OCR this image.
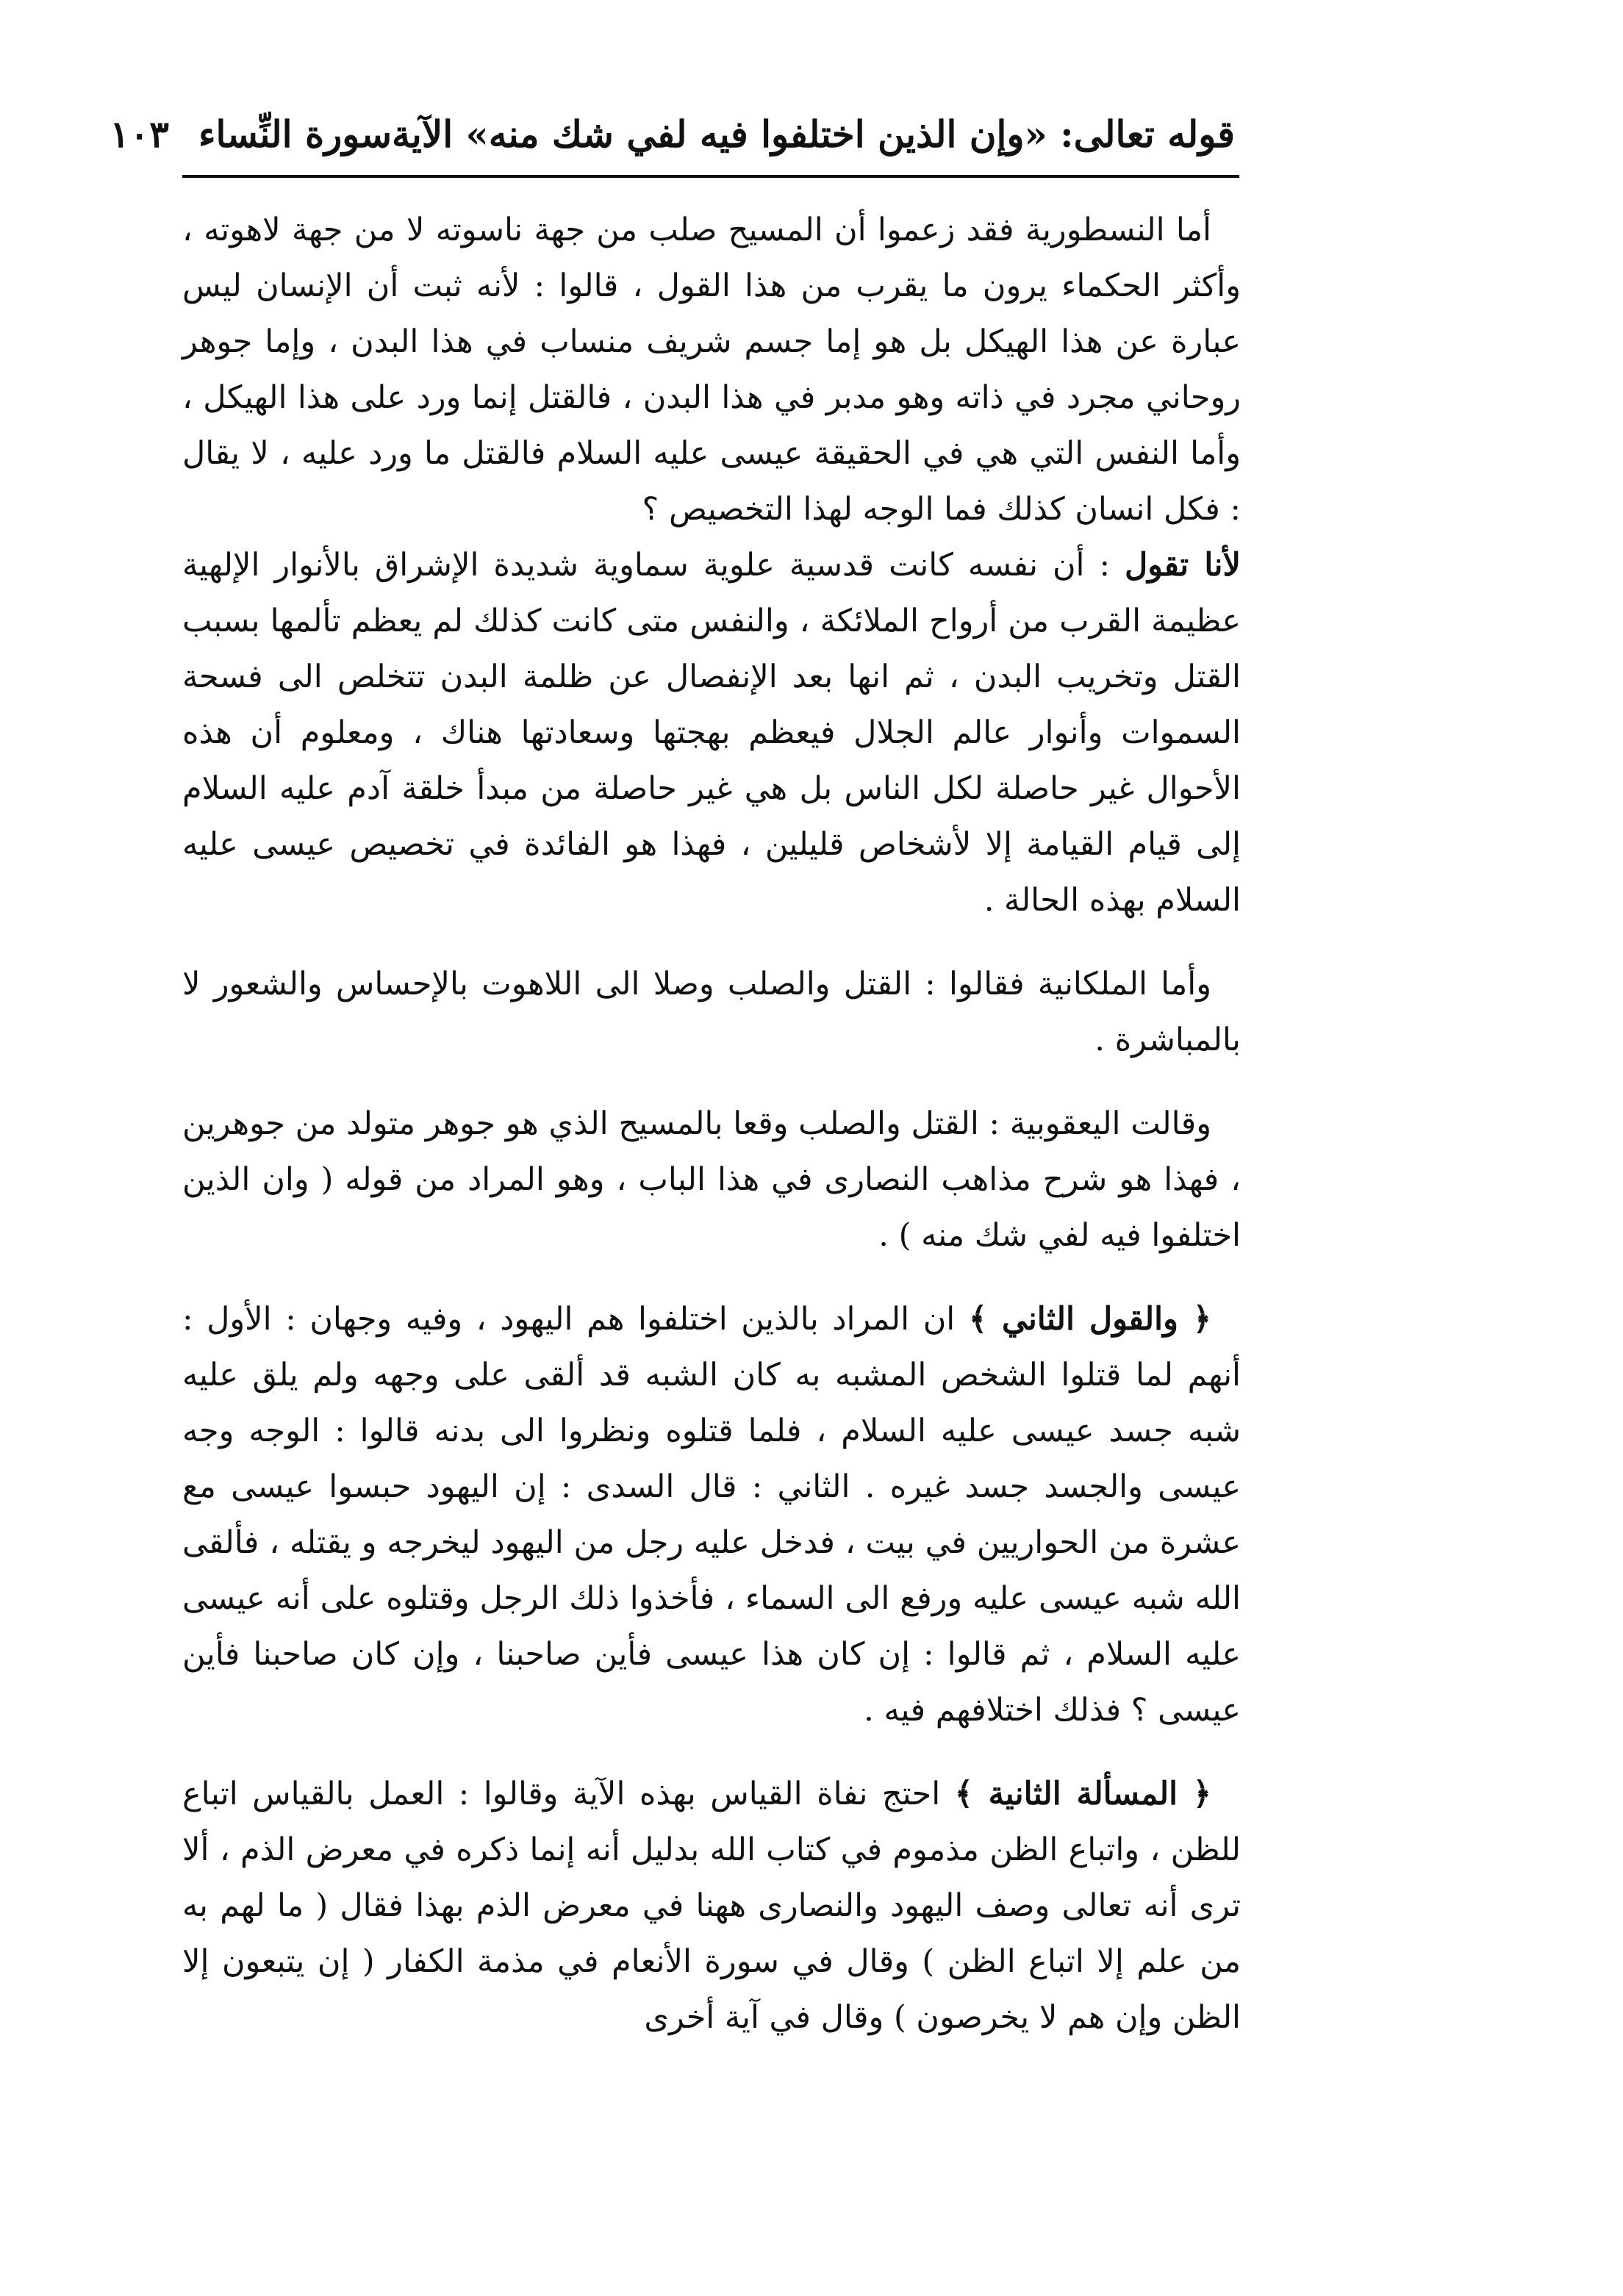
قوله تعالى: «وإن الذين اختلفوا فيه لفي شك منه» الآية
سورة النِّساء
١٠٣

أما النسطورية فقد زعموا أن المسيح صلب من جهة ناسوته لا من جهة لاهوته ، وأكثر الحكماء يرون ما يقرب من هذا القول ، قالوا : لأنه ثبت أن الإنسان ليس عبارة عن هذا الهيكل بل هو إما جسم شريف منساب في هذا البدن ، وإما جوهر روحاني مجرد في ذاته وهو مدبر في هذا البدن ، فالقتل إنما ورد على هذا الهيكل ، وأما النفس التي هي في الحقيقة عيسى عليه السلام فالقتل ما ورد عليه ، لا يقال : فكل انسان كذلك فما الوجه لهذا التخصيص ؟
لأنا تقول : أن نفسه كانت قدسية علوية سماوية شديدة الإشراق بالأنوار الإلهية عظيمة القرب من أرواح الملائكة ، والنفس متى كانت كذلك لم يعظم تألمها بسبب القتل وتخريب البدن ، ثم انها بعد الإنفصال عن ظلمة البدن تتخلص الى فسحة السموات وأنوار عالم الجلال فيعظم بهجتها وسعادتها هناك ، ومعلوم أن هذه الأحوال غير حاصلة لكل الناس بل هي غير حاصلة من مبدأ خلقة آدم عليه السلام إلى قيام القيامة إلا لأشخاص قليلين ، فهذا هو الفائدة في تخصيص عيسى عليه السلام بهذه الحالة .

وأما الملكانية فقالوا : القتل والصلب وصلا الى اللاهوت بالإحساس والشعور لا بالمباشرة .

وقالت اليعقوبية : القتل والصلب وقعا بالمسيح الذي هو جوهر متولد من جوهرين ، فهذا هو شرح مذاهب النصارى في هذا الباب ، وهو المراد من قوله ( وان الذين اختلفوا فيه لفي شك منه ) .

﴿ والقول الثاني ﴾ ان المراد بالذين اختلفوا هم اليهود ، وفيه وجهان : الأول : أنهم لما قتلوا الشخص المشبه به كان الشبه قد ألقى على وجهه ولم يلق عليه شبه جسد عيسى عليه السلام ، فلما قتلوه ونظروا الى بدنه قالوا : الوجه وجه عيسى والجسد جسد غيره . الثاني : قال السدى : إن اليهود حبسوا عيسى مع عشرة من الحواريين في بيت ، فدخل عليه رجل من اليهود ليخرجه و يقتله ، فألقى الله شبه عيسى عليه ورفع الى السماء ، فأخذوا ذلك الرجل وقتلوه على أنه عيسى عليه السلام ، ثم قالوا : إن كان هذا عيسى فأين صاحبنا ، وإن كان صاحبنا فأين عيسى ؟ فذلك اختلافهم فيه .

﴿ المسألة الثانية ﴾ احتج نفاة القياس بهذه الآية وقالوا : العمل بالقياس اتباع للظن ، واتباع الظن مذموم في كتاب الله بدليل أنه إنما ذكره في معرض الذم ، ألا ترى أنه تعالى وصف اليهود والنصارى ههنا في معرض الذم بهذا فقال ( ما لهم به من علم إلا اتباع الظن ) وقال في سورة الأنعام في مذمة الكفار ( إن يتبعون إلا الظن وإن هم لا يخرصون ) وقال في آية أخرى
